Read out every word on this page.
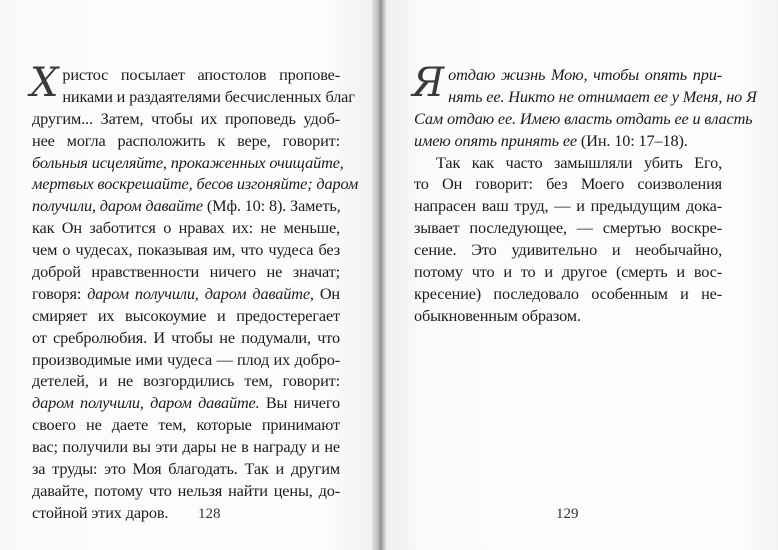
Х ристос посылает апостолов пропове-
никами и раздаятелями бесчисленных благ
другим... Затем, чтобы их проповедь удоб-
нее могла расположить к вере, говорит:
больныя исцеляйте, прокаженных очищайте,
мертвых воскрешайте, бесов изгоняйте; даром
получили, даром давайте (Мф. 10: 8). Заметь,
как Он заботится о нравах их: не меньше,
чем о чудесах, показывая им, что чудеса без
доброй нравственности ничего не значат;
говоря: даром получили, даром давайте, Он
смиряет их высокоумие и предостерегает
от сребролюбия. И чтобы не подумали, что
производимые ими чудеса — плод их добро-
детелей, и не возгордились тем, говорит:
даром получили, даром давайте. Вы ничего
своего не даете тем, которые принимают
вас; получили вы эти дары не в награду и не
за труды: это Моя благодать. Так и другим
давайте, потому что нельзя найти цены, до-
стойной этих даров.
Я отдаю жизнь Мою, чтобы опять при-
нять ее. Никто не отнимает ее у Меня, но Я
Сам отдаю ее. Имею власть отдать ее и власть
имею опять принять ее (Ин. 10: 17–18).
Так как часто замышляли убить Его,
то Он говорит: без Моего соизволения
напрасен ваш труд, — и предыдущим дока-
зывает последующее, — смертью воскре-
сение. Это удивительно и необычайно,
потому что и то и другое (смерть и вос-
кресение) последовало особенным и не-
обыкновенным образом.
128	129
